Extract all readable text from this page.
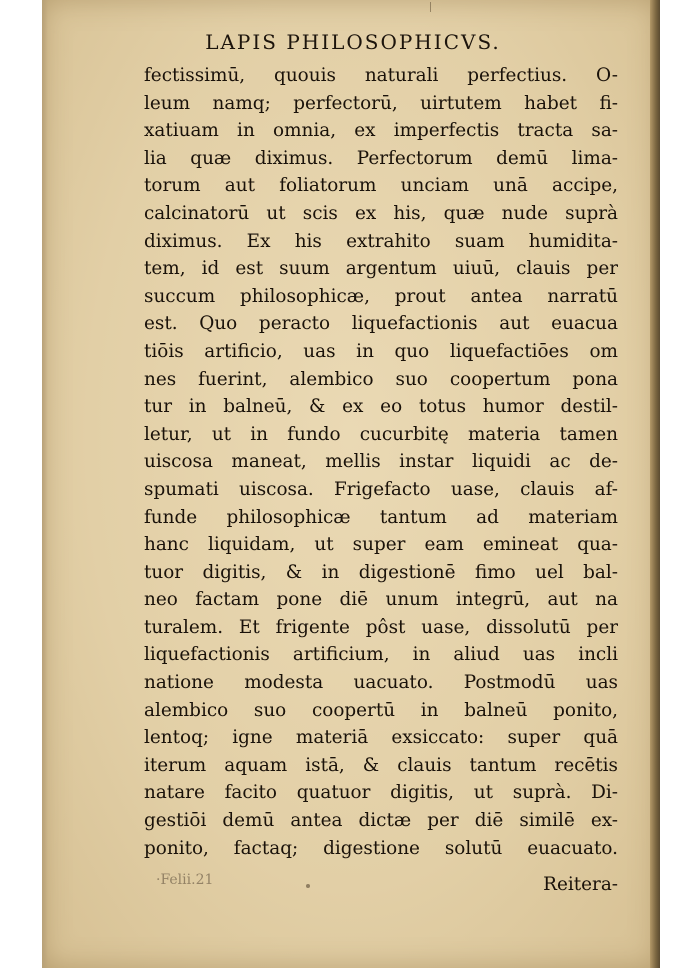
LAPIS PHILOSOPHICVS.
fectissimū, quouis naturali perfectius. O-
leum namq; perfectorū, uirtutem habet fi-
xatiuam in omnia, ex imperfectis tracta sa-
lia quæ diximus. Perfectorum demū lima-
torum aut foliatorum unciam unā accipe,
calcinatorū ut scis ex his, quæ nude suprà
diximus. Ex his extrahito suam humidita-
tem, id est suum argentum uiuū, clauis per
succum philosophicæ, prout antea narratū
est. Quo peracto liquefactionis aut euacua
tiōis artificio, uas in quo liquefactiōes om
nes fuerint, alembico suo coopertum pona
tur in balneū, & ex eo totus humor destil-
letur, ut in fundo cucurbitę materia tamen
uiscosa maneat, mellis instar liquidi ac de-
spumati uiscosa. Frigefacto uase, clauis af-
funde philosophicæ tantum ad materiam
hanc liquidam, ut super eam emineat qua-
tuor digitis, & in digestionē fimo uel bal-
neo factam pone diē unum integrū, aut na
turalem. Et frigente pôst uase, dissolutū per
liquefactionis artificium, in aliud uas incli
natione modesta uacuato. Postmodū uas
alembico suo coopertū in balneū ponito,
lentoq; igne materiā exsiccato: super quā
iterum aquam istā, & clauis tantum recētis
natare facito quatuor digitis, ut suprà. Di-
gestiōi demū antea dictæ per diē similē ex-
ponito, factaq; digestione solutū euacuato.
·Felii.21	Reitera-
